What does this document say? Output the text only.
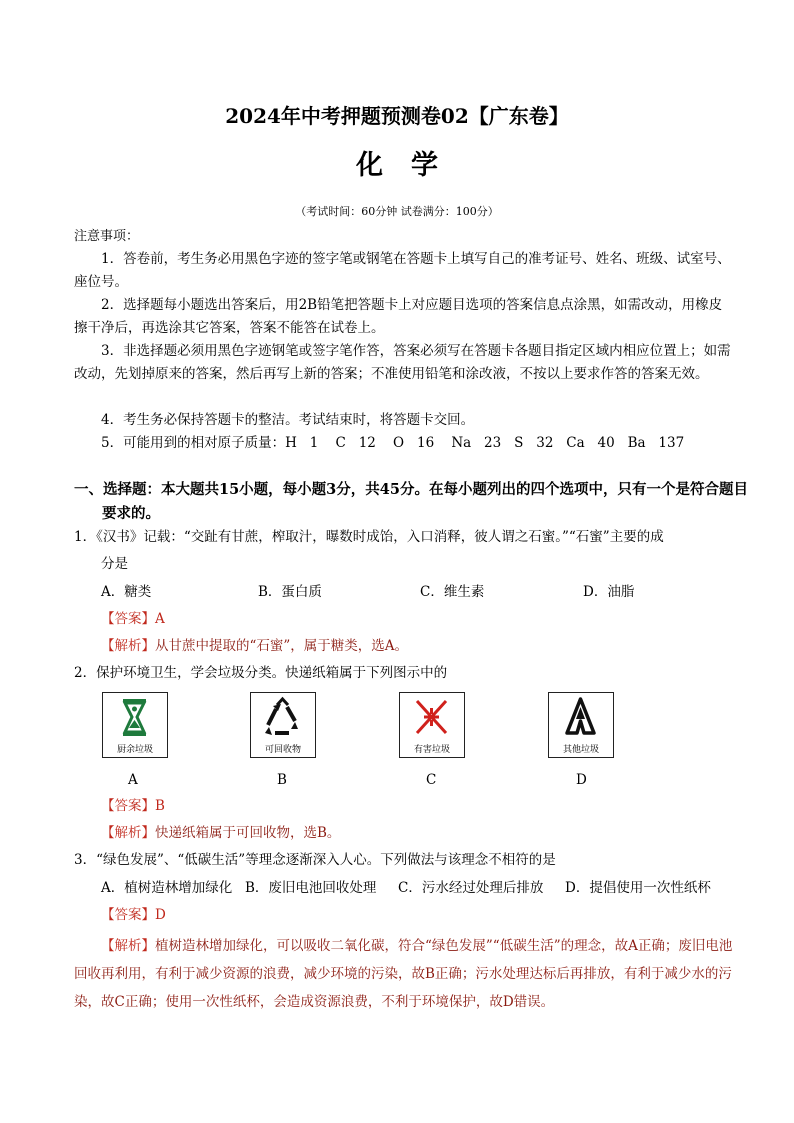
2024年中考押题预测卷02【广东卷】
化学
（考试时间：60分钟 试卷满分：100分）
注意事项：
1．答卷前，考生务必用黑色字迹的签字笔或钢笔在答题卡上填写自己的准考证号、姓名、班级、试室号、座位号。
2．选择题每小题选出答案后，用2B铅笔把答题卡上对应题目选项的答案信息点涂黑，如需改动，用橡皮擦干净后，再选涂其它答案，答案不能答在试卷上。
3．非选择题必须用黑色字迹钢笔或签字笔作答，答案必须写在答题卡各题目指定区域内相应位置上；如需改动，先划掉原来的答案，然后再写上新的答案；不准使用铅笔和涂改液，不按以上要求作答的答案无效。
4．考生务必保持答题卡的整洁。考试结束时，将答题卡交回。
5．可能用到的相对原子质量：H   1    C   12    O   16    Na   23   S   32   Ca   40   Ba   137
一、选择题：本大题共15小题，每小题3分，共45分。在每小题列出的四个选项中，只有一个是符合题目要求的。
1．《汉书》记载：“交趾有甘蔗，榨取汁，曝数时成饴，入口消释，彼人谓之石蜜。”“石蜜”主要的成
分是
A．糖类	B．蛋白质	C．维生素	D．油脂
【答案】A
【解析】从甘蔗中提取的“石蜜”，属于糖类，选A。
2．保护环境卫生，学会垃圾分类。快递纸箱属于下列图示中的
厨余垃圾
A
可回收物
B
有害垃圾
C
其他垃圾
D
【答案】B
【解析】快递纸箱属于可回收物，选B。
3．“绿色发展”、“低碳生活”等理念逐渐深入人心。下列做法与该理念不相符的是
A．植树造林增加绿化 B．废旧电池回收处理 C．污水经过处理后排放 D．提倡使用一次性纸杯
【答案】D
【解析】植树造林增加绿化，可以吸收二氧化碳，符合“绿色发展”“低碳生活”的理念，故A正确；废旧电池回收再利用，有利于减少资源的浪费，减少环境的污染，故B正确；污水处理达标后再排放，有利于减少水的污染，故C正确；使用一次性纸杯，会造成资源浪费，不利于环境保护，故D错误。
